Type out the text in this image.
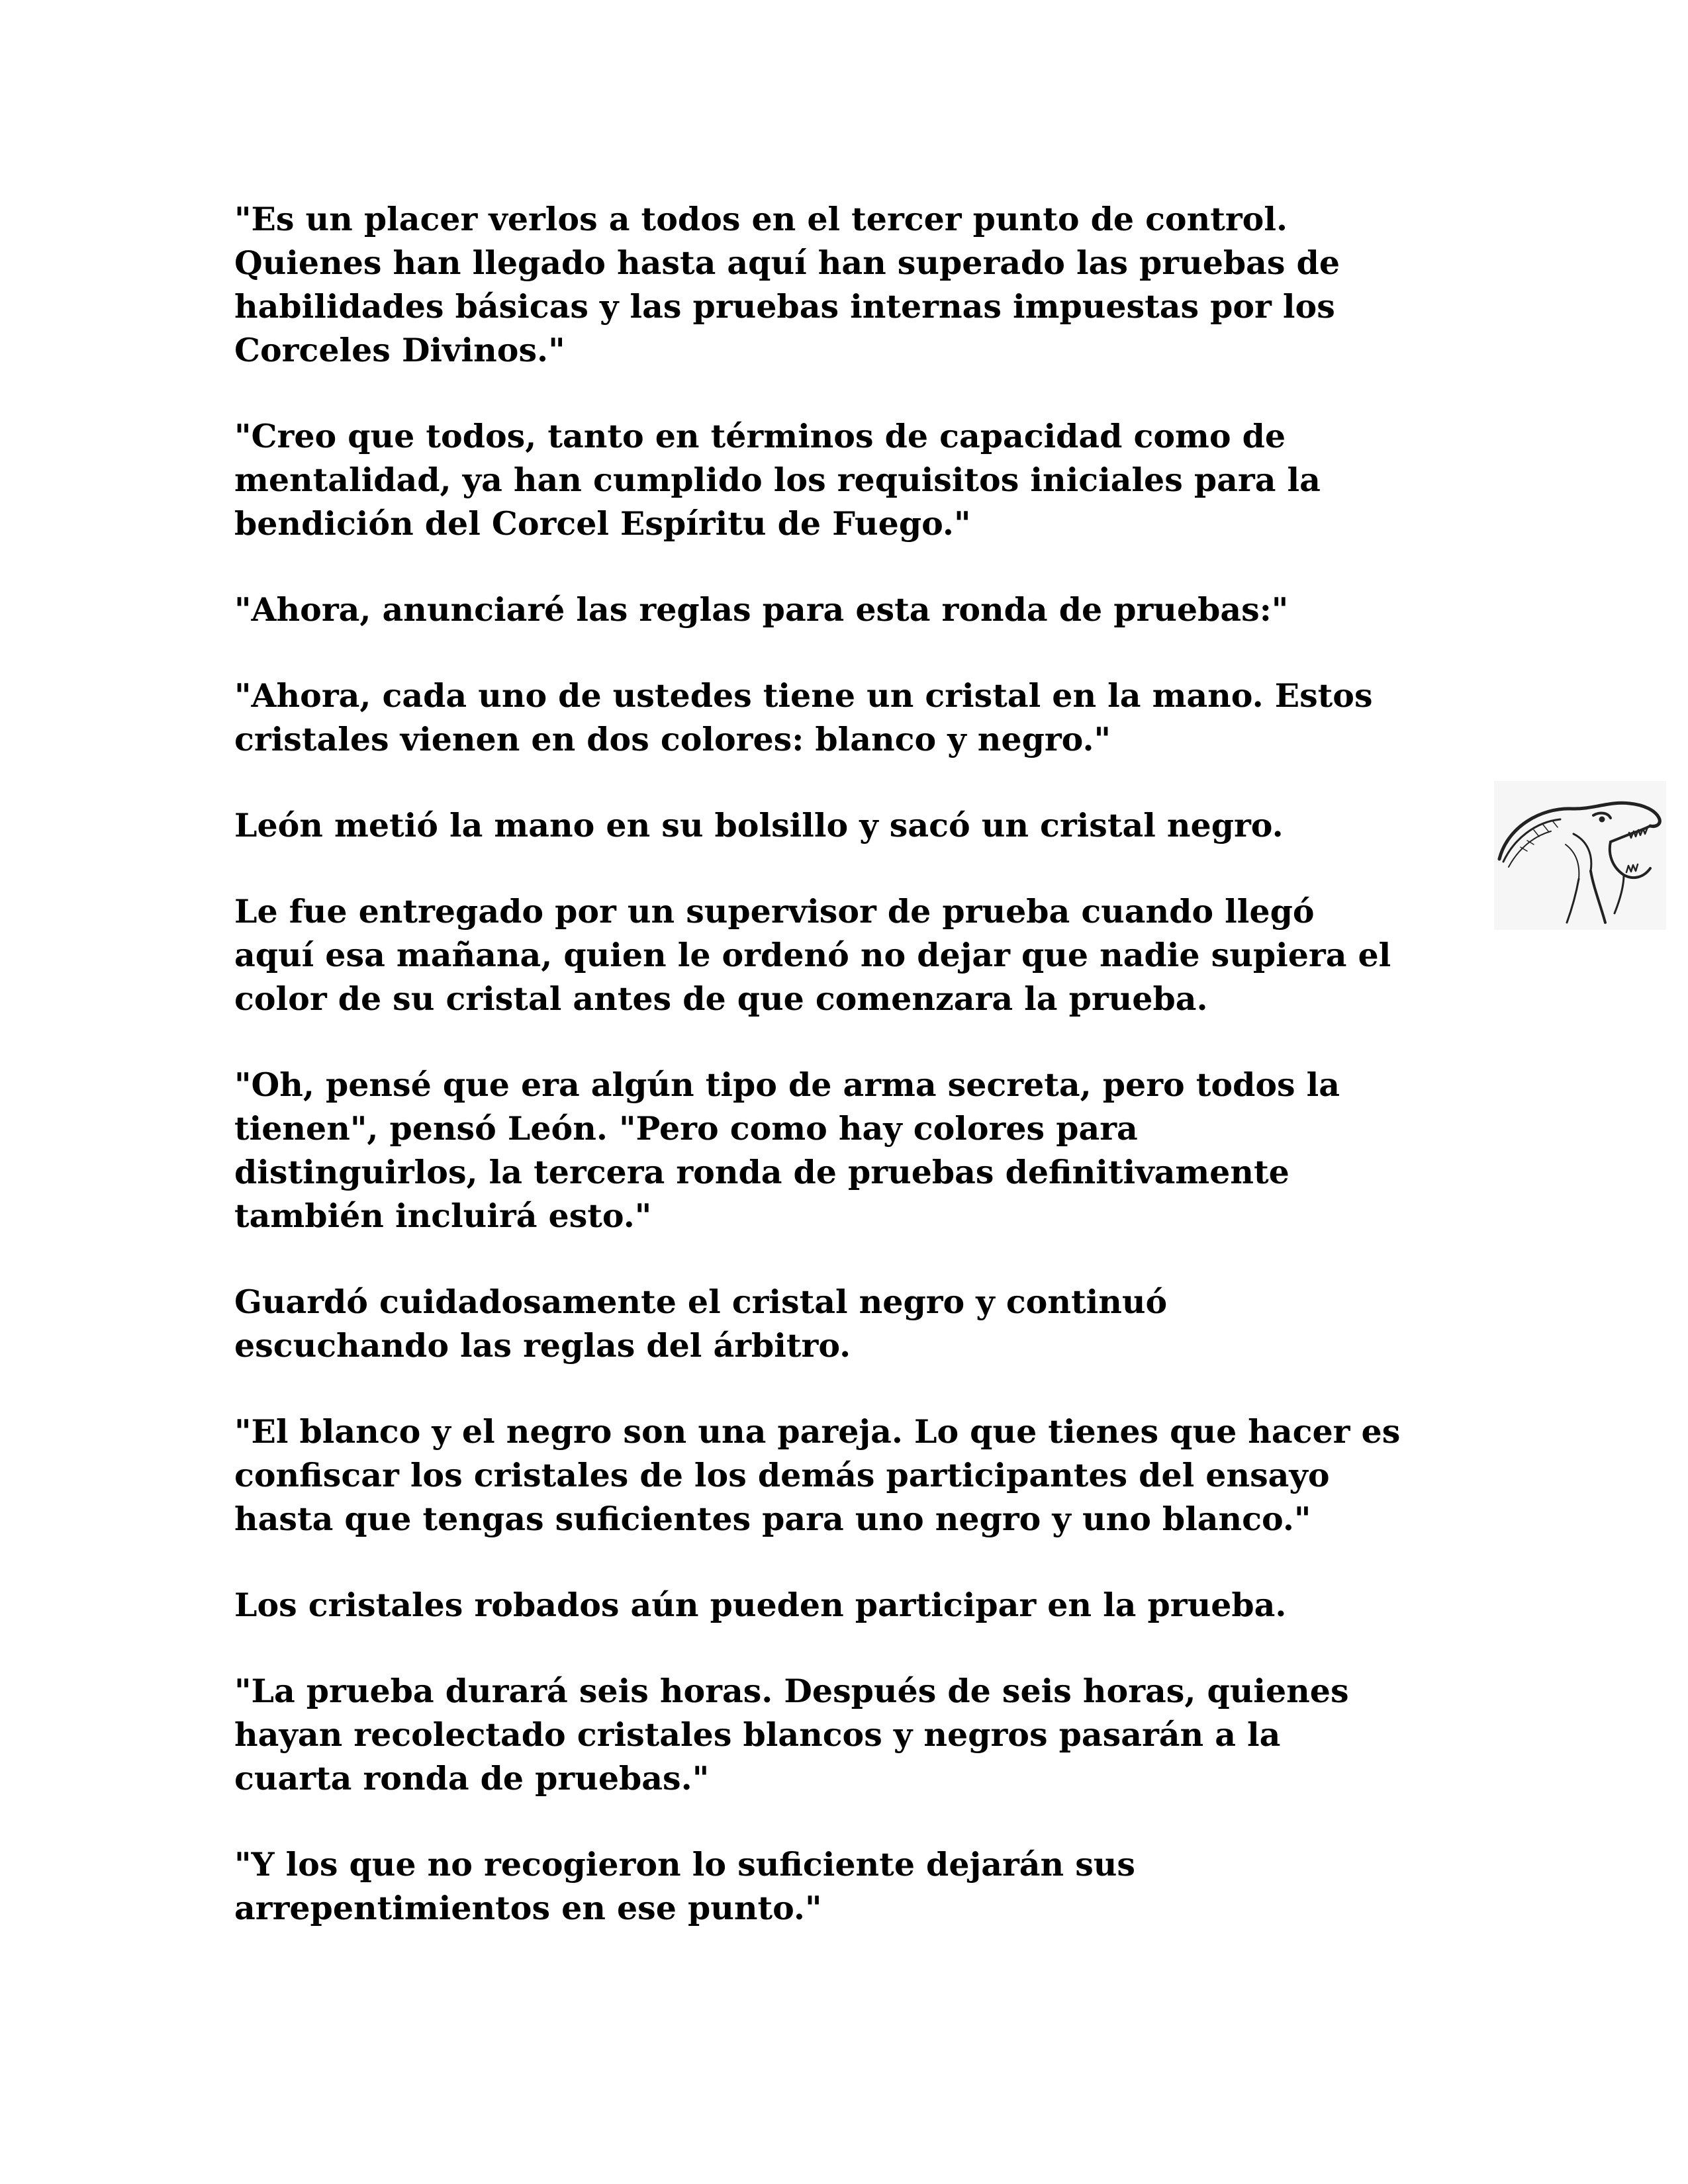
"Es un placer verlos a todos en el tercer punto de control.
Quienes han llegado hasta aquí han superado las pruebas de
habilidades básicas y las pruebas internas impuestas por los
Corceles Divinos."

"Creo que todos, tanto en términos de capacidad como de
mentalidad, ya han cumplido los requisitos iniciales para la
bendición del Corcel Espíritu de Fuego."

"Ahora, anunciaré las reglas para esta ronda de pruebas:"

"Ahora, cada uno de ustedes tiene un cristal en la mano. Estos
cristales vienen en dos colores: blanco y negro."

León metió la mano en su bolsillo y sacó un cristal negro.

Le fue entregado por un supervisor de prueba cuando llegó
aquí esa mañana, quien le ordenó no dejar que nadie supiera el
color de su cristal antes de que comenzara la prueba.

"Oh, pensé que era algún tipo de arma secreta, pero todos la
tienen", pensó León. "Pero como hay colores para
distinguirlos, la tercera ronda de pruebas definitivamente
también incluirá esto."

Guardó cuidadosamente el cristal negro y continuó
escuchando las reglas del árbitro.

"El blanco y el negro son una pareja. Lo que tienes que hacer es
confiscar los cristales de los demás participantes del ensayo
hasta que tengas suficientes para uno negro y uno blanco."

Los cristales robados aún pueden participar en la prueba.

"La prueba durará seis horas. Después de seis horas, quienes
hayan recolectado cristales blancos y negros pasarán a la
cuarta ronda de pruebas."

"Y los que no recogieron lo suficiente dejarán sus
arrepentimientos en ese punto."
